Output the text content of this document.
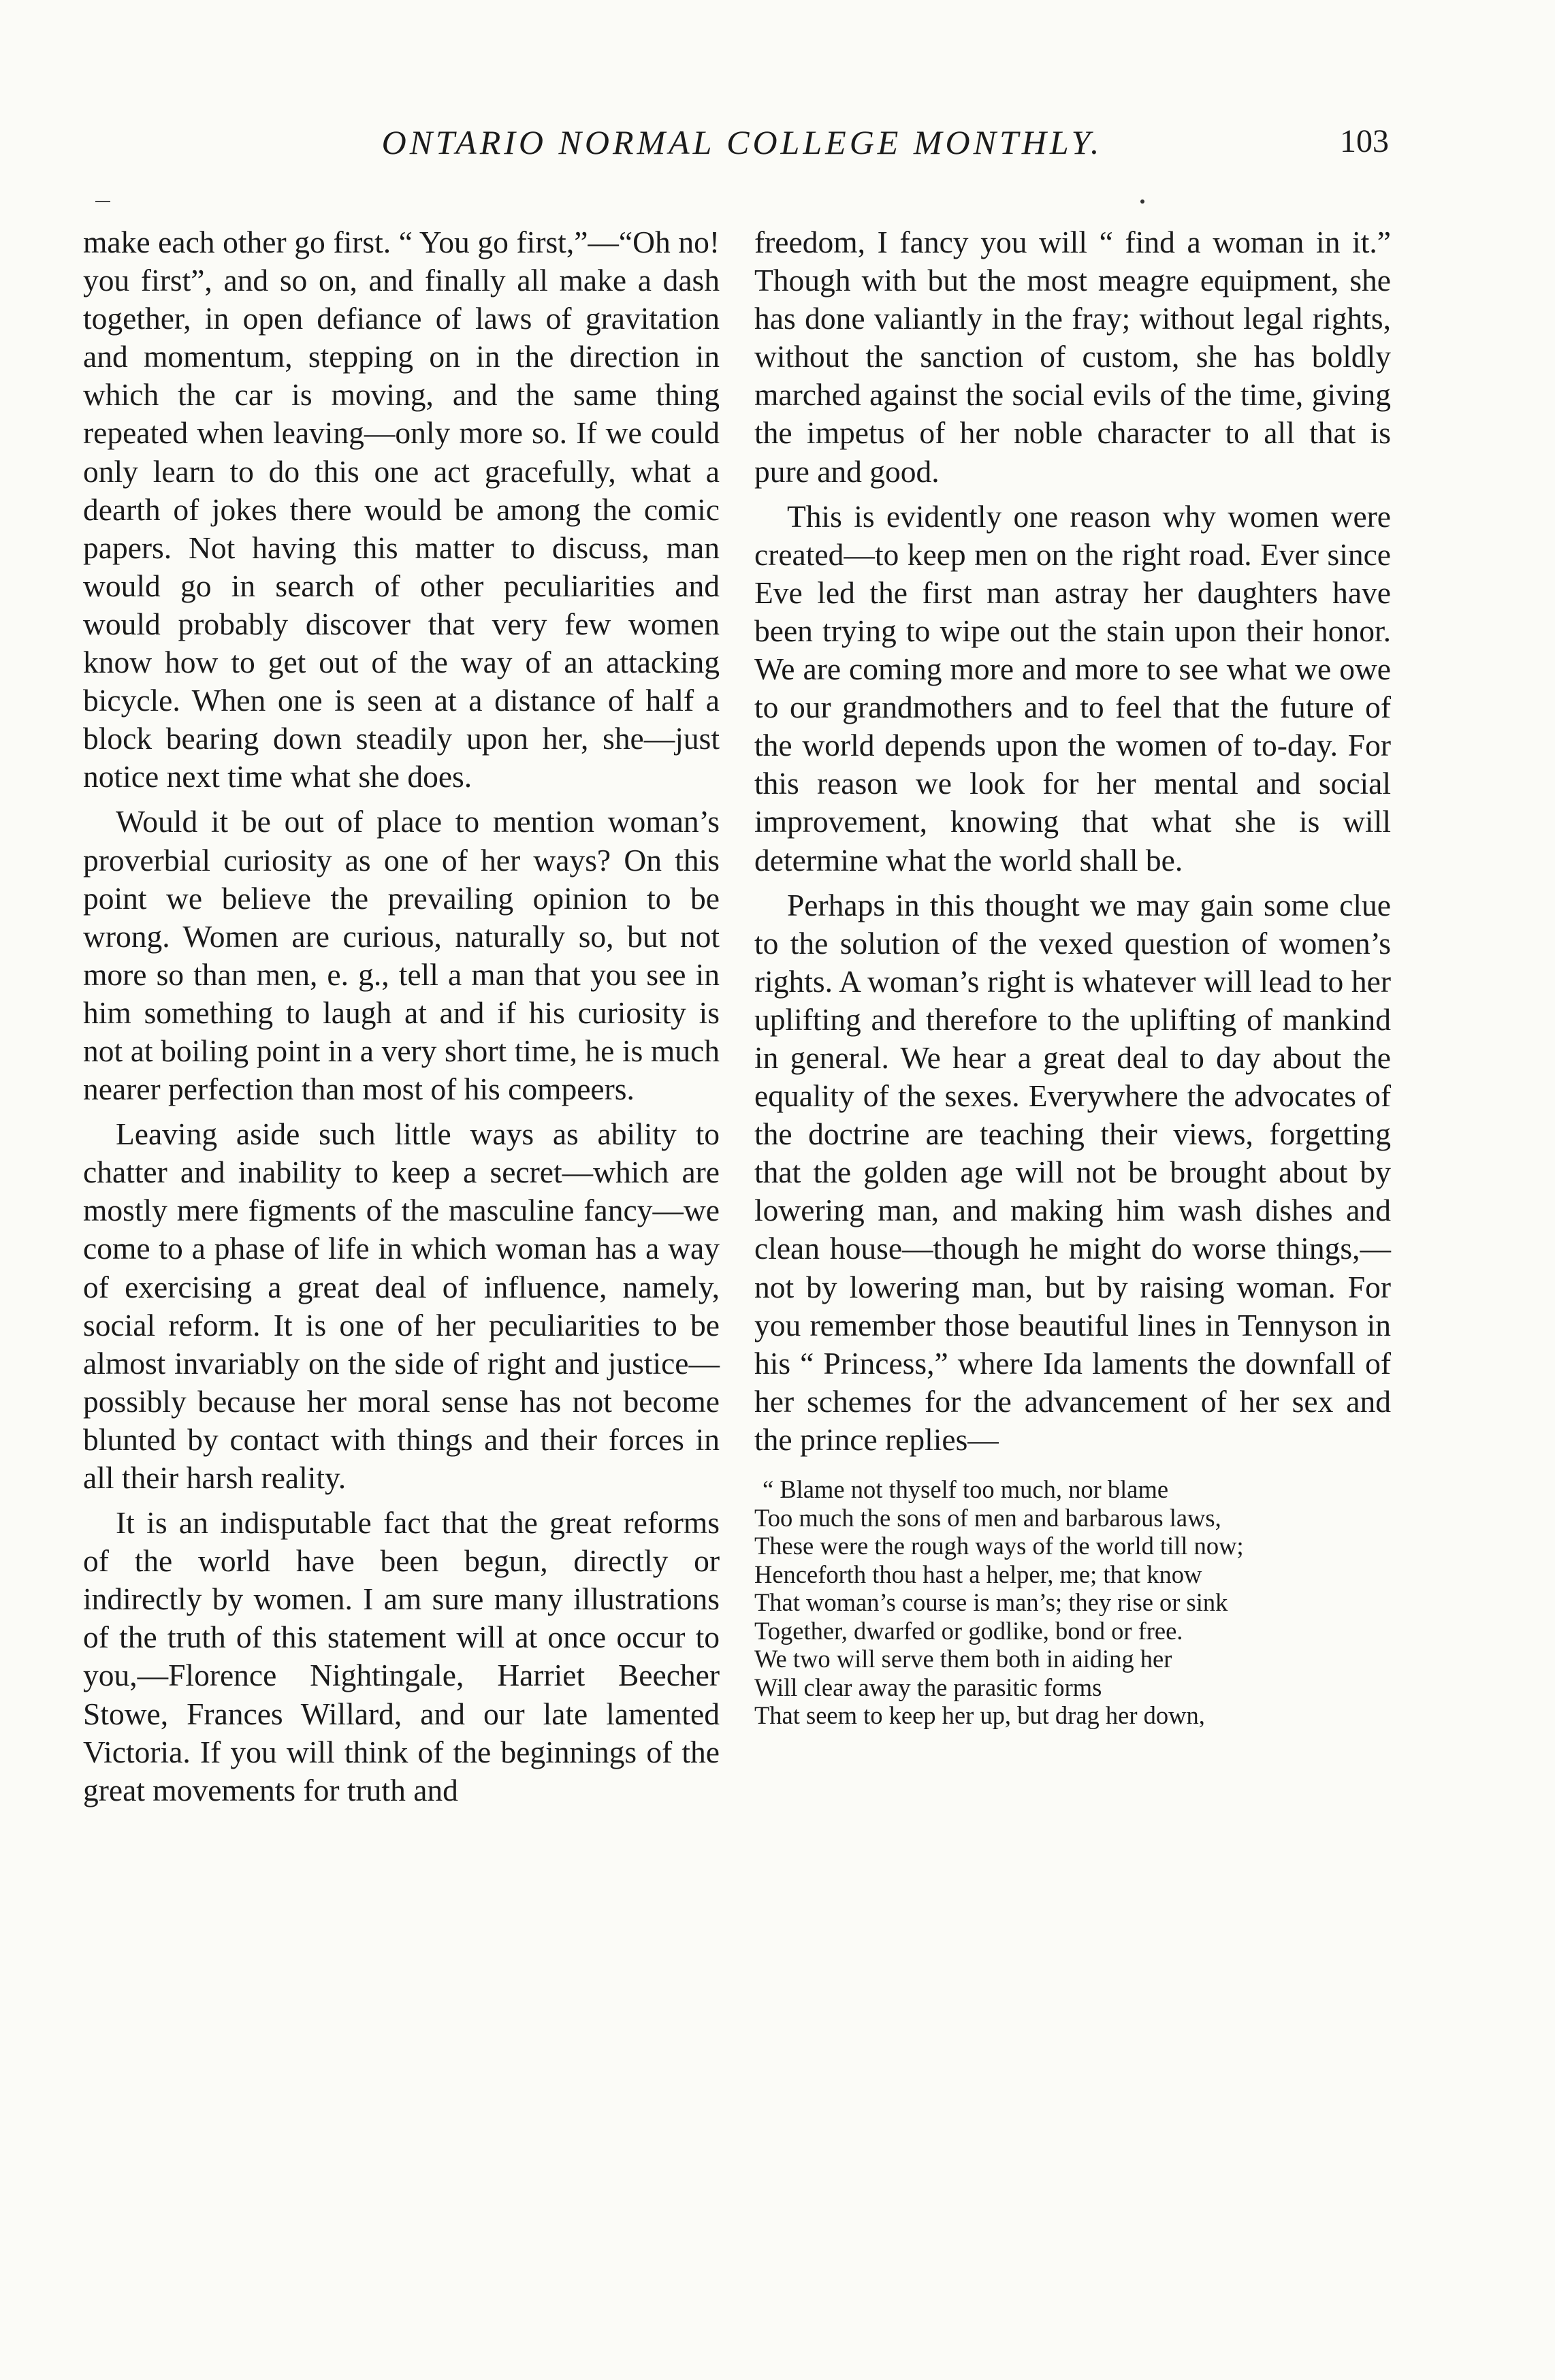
ONTARIO NORMAL COLLEGE MONTHLY.	103

make each other go first. “ You go first,”—“Oh no! you first”, and so on, and finally all make a dash together, in open defiance of laws of gravitation and momentum, stepping on in the direction in which the car is moving, and the same thing repeated when leaving—only more so. If we could only learn to do this one act gracefully, what a dearth of jokes there would be among the comic papers. Not having this matter to discuss, man would go in search of other peculiarities and would probably discover that very few women know how to get out of the way of an attacking bicycle. When one is seen at a distance of half a block bearing down steadily upon her, she—just notice next time what she does.

Would it be out of place to mention woman’s proverbial curiosity as one of her ways? On this point we believe the prevailing opinion to be wrong. Women are curious, naturally so, but not more so than men, e. g., tell a man that you see in him something to laugh at and if his curiosity is not at boiling point in a very short time, he is much nearer perfection than most of his compeers.

Leaving aside such little ways as ability to chatter and inability to keep a secret—which are mostly mere figments of the masculine fancy—we come to a phase of life in which woman has a way of exercising a great deal of influence, namely, social reform. It is one of her peculiarities to be almost invariably on the side of right and justice—possibly because her moral sense has not become blunted by contact with things and their forces in all their harsh reality.

It is an indisputable fact that the great reforms of the world have been begun, directly or indirectly by women. I am sure many illustrations of the truth of this statement will at once occur to you,—Florence Nightingale, Harriet Beecher Stowe, Frances Willard, and our late lamented Victoria. If you will think of the beginnings of the great movements for truth and

freedom, I fancy you will “ find a woman in it.” Though with but the most meagre equipment, she has done valiantly in the fray; without legal rights, without the sanction of custom, she has boldly marched against the social evils of the time, giving the impetus of her noble character to all that is pure and good.

This is evidently one reason why women were created—to keep men on the right road. Ever since Eve led the first man astray her daughters have been trying to wipe out the stain upon their honor. We are coming more and more to see what we owe to our grandmothers and to feel that the future of the world depends upon the women of to-day. For this reason we look for her mental and social improvement, knowing that what she is will determine what the world shall be.

Perhaps in this thought we may gain some clue to the solution of the vexed question of women’s rights. A woman’s right is whatever will lead to her uplifting and therefore to the uplifting of mankind in general. We hear a great deal to day about the equality of the sexes. Everywhere the advocates of the doctrine are teaching their views, forgetting that the golden age will not be brought about by lowering man, and making him wash dishes and clean house—though he might do worse things,—not by lowering man, but by raising woman. For you remember those beautiful lines in Tennyson in his “ Princess,” where Ida laments the downfall of her schemes for the advancement of her sex and the prince replies—

“ Blame not thyself too much, nor blame
Too much the sons of men and barbarous laws,
These were the rough ways of the world till now;
Henceforth thou hast a helper, me; that know
That woman’s course is man’s; they rise or sink
Together, dwarfed or godlike, bond or free.
We two will serve them both in aiding her
Will clear away the parasitic forms
That seem to keep her up, but drag her down,
